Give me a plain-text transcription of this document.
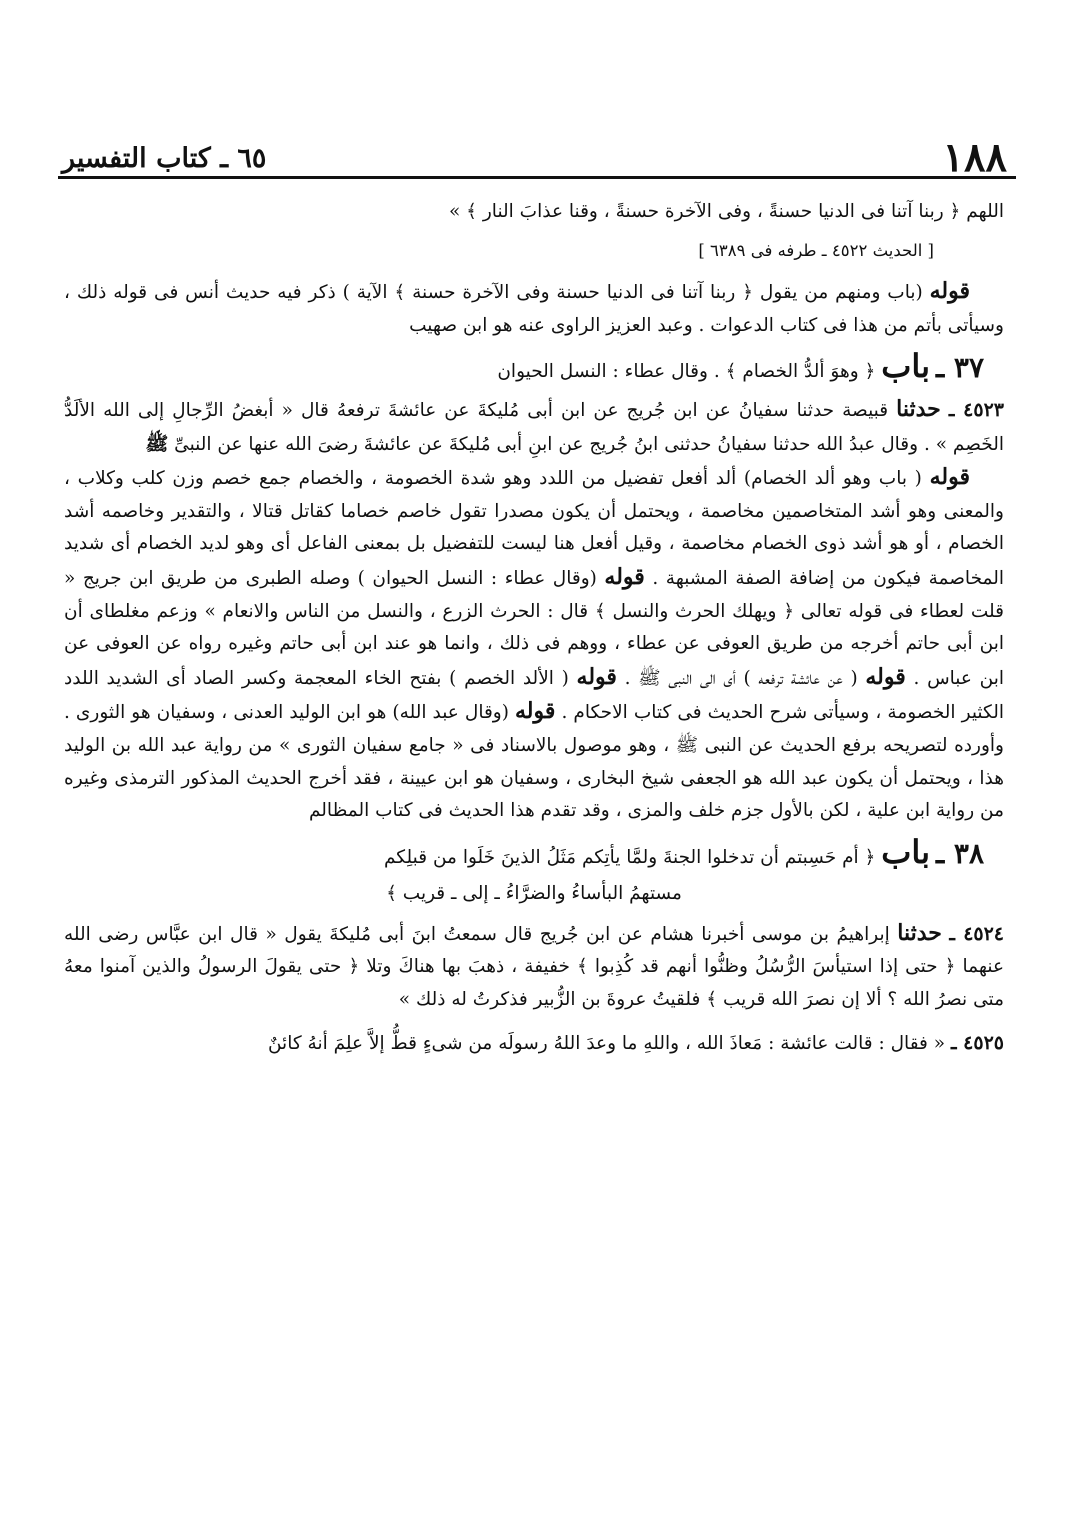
١٨٨
٦٥ ـ كتاب التفسير

اللهم ﴿ ربنا آتنا فى الدنيا حسنةً ، وفى الآخرة حسنةً ، وقنا عذابَ النار ﴾ »

[ الحديث ٤٥٢٢ ـ طرفه فى ٦٣٨٩ ]

قوله (باب ومنهم من يقول ﴿ ربنا آتنا فى الدنيا حسنة وفى الآخرة حسنة ﴾ الآية ) ذكر فيه حديث أنس فى قوله ذلك ، وسيأتى بأتم من هذا فى كتاب الدعوات . وعبد العزيز الراوى عنه هو ابن صهيب

٣٧ ـ باب ﴿ وهوَ ألدُّ الخصام ﴾ . وقال عطاء : النسل الحيوان

٤٥٢٣ ـ حدثنا قبيصة حدثنا سفيانُ عن ابن جُريج عن ابن أبى مُليكةَ عن عائشةَ ترفعهُ قال « أبغضُ الرِّجالِ إلى الله الألَدُّ الخَصِم » . وقال عبدُ الله حدثنا سفيانُ حدثنى ابنُ جُريج عن ابنِ أبى مُليكةَ عن عائشةَ رضىَ الله عنها عن النبىِّ ﷺ

قوله ( باب وهو ألد الخصام) ألد أفعل تفضيل من اللدد وهو شدة الخصومة ، والخصام جمع خصم وزن كلب وكلاب ، والمعنى وهو أشد المتخاصمين مخاصمة ، ويحتمل أن يكون مصدرا تقول خاصم خصاما كقاتل قتالا ، والتقدير وخاصمه أشد الخصام ، أو هو أشد ذوى الخصام مخاصمة ، وقيل أفعل هنا ليست للتفضيل بل بمعنى الفاعل أى وهو لديد الخصام أى شديد المخاصمة فيكون من إضافة الصفة المشبهة . قوله (وقال عطاء : النسل الحيوان ) وصله الطبرى من طريق ابن جريج « قلت لعطاء فى قوله تعالى ﴿ ويهلك الحرث والنسل ﴾ قال : الحرث الزرع ، والنسل من الناس والانعام » وزعم مغلطاى أن ابن أبى حاتم أخرجه من طريق العوفى عن عطاء ، ووهم فى ذلك ، وانما هو عند ابن أبى حاتم وغيره رواه عن العوفى عن ابن عباس . قوله ( عن عائشة ترفعه ) أى الى النبى ﷺ . قوله ( الألد الخصم ) بفتح الخاء المعجمة وكسر الصاد أى الشديد اللدد الكثير الخصومة ، وسيأتى شرح الحديث فى كتاب الاحكام . قوله (وقال عبد الله) هو ابن الوليد العدنى ، وسفيان هو الثورى . وأورده لتصريحه برفع الحديث عن النبى ﷺ ، وهو موصول بالاسناد فى « جامع سفيان الثورى » من رواية عبد الله بن الوليد هذا ، ويحتمل أن يكون عبد الله هو الجعفى شيخ البخارى ، وسفيان هو ابن عيينة ، فقد أخرج الحديث المذكور الترمذى وغيره من رواية ابن علية ، لكن بالأول جزم خلف والمزى ، وقد تقدم هذا الحديث فى كتاب المظالم

٣٨ ـ باب ﴿ أم حَسِبتم أن تدخلوا الجنةَ ولمَّا يأتِكم مَثَلُ الذينَ خَلَوا من قبلِكم

مستهمُ البأساءُ والضرَّاءُ ـ إلى ـ قريب ﴾

٤٥٢٤ ـ حدثنا إبراهيمُ بن موسى أخبرنا هشام عن ابن جُريج قال سمعتُ ابنَ أبى مُليكةَ يقول « قال ابن عبَّاس رضى الله عنهما ﴿ حتى إذا استيأسَ الرُّسُلُ وظنُّوا أنهم قد كُذِبوا ﴾ خفيفة ، ذهبَ بها هناكَ وتلا ﴿ حتى يقولَ الرسولُ والذين آمنوا معهُ متى نصرُ الله ؟ ألا إن نصرَ الله قريب ﴾ فلقيتُ عروةَ بن الزُّبير فذكرتُ له ذلك »

٤٥٢٥ ـ « فقال : قالت عائشة : مَعاذَ الله ، واللهِ ما وعدَ اللهُ رسولَه من شىءٍ قطُّ إلاَّ علِمَ أنهُ كائنٌ
